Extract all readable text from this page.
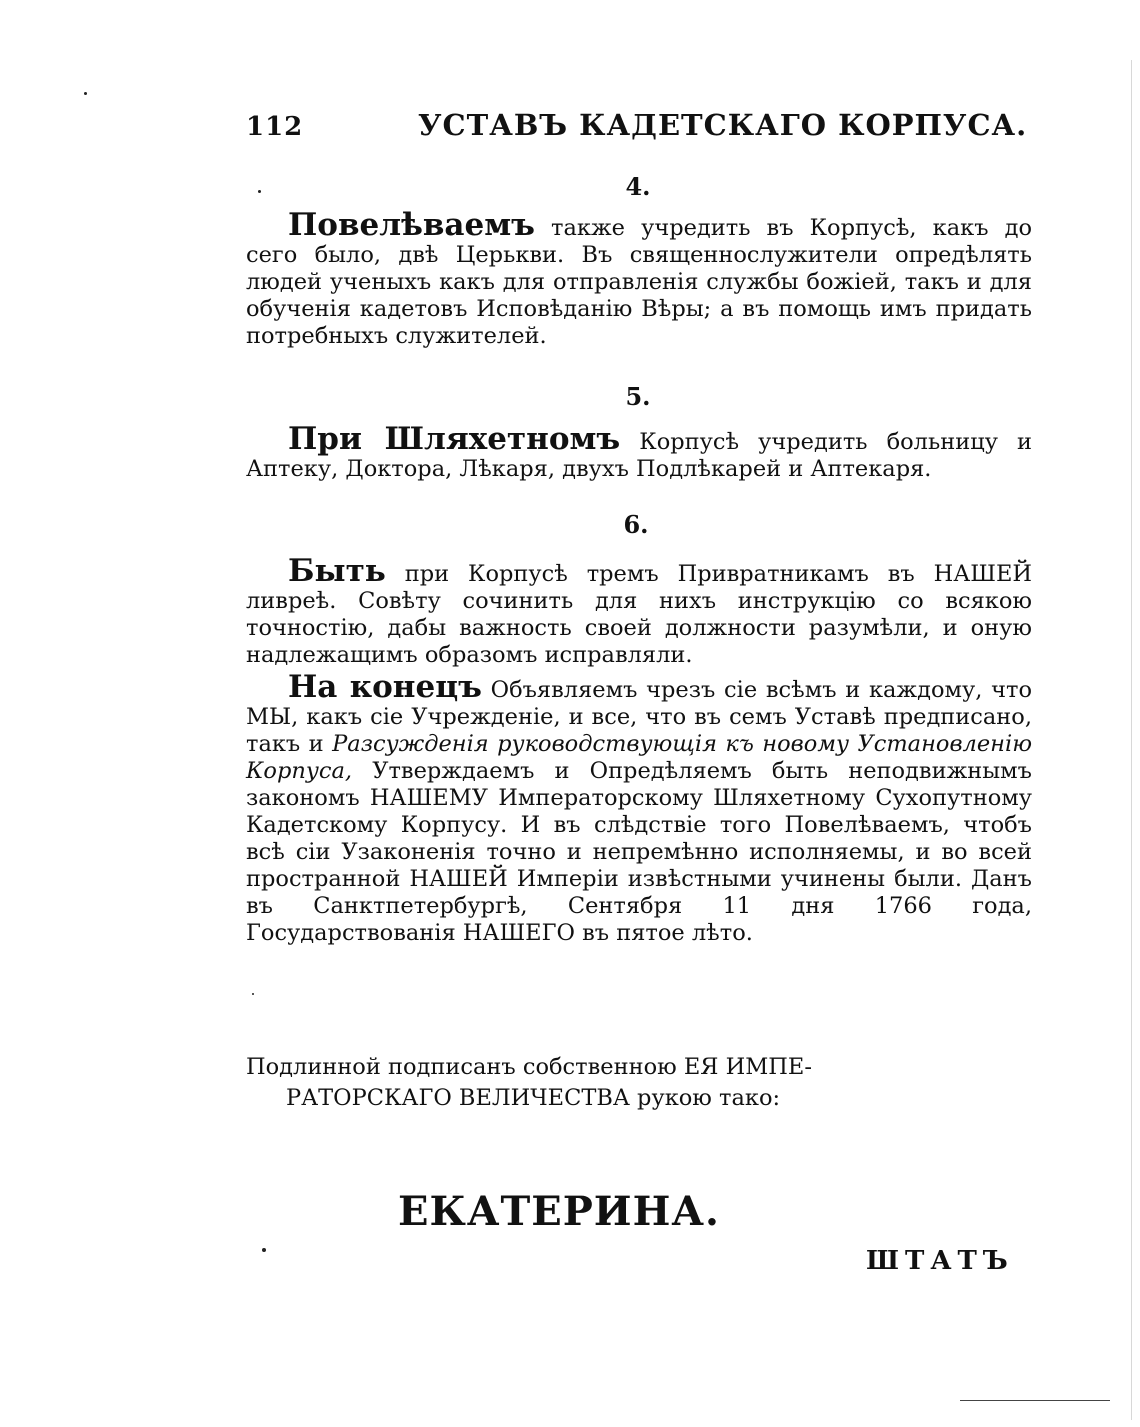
112	УСТАВЪ КАДЕТСКАГО КОРПУСА.
4.

Повелѣваемъ также учредить въ Корпусѣ, какъ до сего было, двѣ Церькви. Въ священнослужители опредѣлять людей ученыхъ какъ для отправленія службы божіей, такъ и для обученія кадетовъ Исповѣданію Вѣры; а въ помощь имъ придать потребныхъ служителей.

5.

При Шляхетномъ Корпусѣ учредить больницу и Аптеку, Доктора, Лѣкаря, двухъ Подлѣкарей и Аптекаря.

6.

Быть при Корпусѣ тремъ Привратникамъ въ НАШЕЙ ливреѣ. Совѣту сочинить для нихъ инструкцію со всякою точностію, дабы важность своей должности разумѣли, и оную надлежащимъ образомъ исправляли.

На конецъ Объявляемъ чрезъ сіе всѣмъ и каждому, что МЫ, какъ сіе Учрежденіе, и все, что въ семъ Уставѣ предписано, такъ и Разсужденія руководствующія къ новому Установленію Корпуса, Утверждаемъ и Опредѣляемъ быть неподвижнымъ закономъ НАШЕМУ Императорскому Шляхетному Сухопутному Кадетскому Корпусу. И въ слѣдствіе того Повелѣваемъ, чтобъ всѣ сіи Узаконенія точно и непремѣнно исполняемы, и во всей пространной НАШЕЙ Имперіи извѣстными учинены были. Данъ въ Санктпетербургѣ, Сентября 11 дня 1766 года, Государствованія НАШЕГО въ пятое лѣто.

Подлинной подписанъ собственною ЕЯ ИМПЕ-

РАТОРСКАГО ВЕЛИЧЕСТВА рукою тако:

ЕКАТЕРИНА.
ШТАТЪ
